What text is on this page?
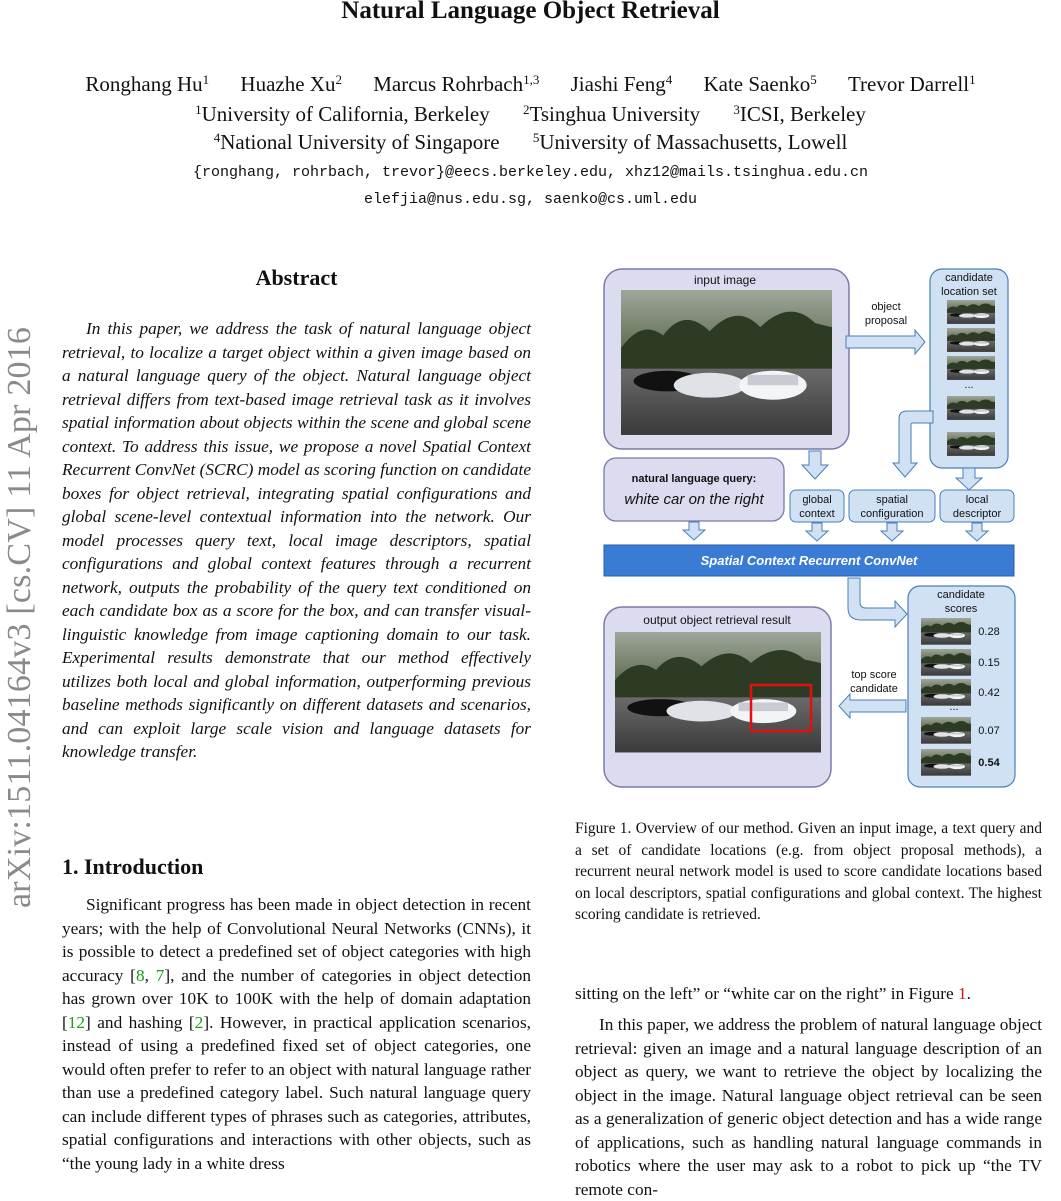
Natural Language Object Retrieval
Ronghang Hu$^1$ Huazhe Xu$^2$ Marcus Rohrbach$^{1,3}$ Jiashi Feng$^4$ Kate Saenko$^5$ Trevor Darrell$^1$
$^1$University of California, Berkeley	$^2$Tsinghua University	$^3$ICSI, Berkeley
$^4$National University of Singapore	$^5$University of Massachusetts, Lowell
{ronghang, rohrbach, trevor}@eecs.berkeley.edu, xhz12@mails.tsinghua.edu.cn
elefjia@nus.edu.sg, saenko@cs.uml.edu
arXiv:1511.04164v3 [cs.CV] 11 Apr 2016
Abstract
In this paper, we address the task of natural language object retrieval, to localize a target object within a given image based on a natural language query of the object. Natural language object retrieval differs from text-based image retrieval task as it involves spatial information about objects within the scene and global scene context. To address this issue, we propose a novel Spatial Context Recurrent ConvNet (SCRC) model as scoring function on candidate boxes for object retrieval, integrating spatial configurations and global scene-level contextual information into the network. Our model processes query text, local image descriptors, spatial configurations and global context features through a recurrent network, outputs the probability of the query text conditioned on each candidate box as a score for the box, and can transfer visual-linguistic knowledge from image captioning domain to our task. Experimental results demonstrate that our method effectively utilizes both local and global information, outperforming previous baseline methods significantly on different datasets and scenarios, and can exploit large scale vision and language datasets for knowledge transfer.
1. Introduction
Significant progress has been made in object detection in recent years; with the help of Convolutional Neural Networks (CNNs), it is possible to detect a predefined set of object categories with high accuracy [8, 7], and the number of categories in object detection has grown over 10K to 100K with the help of domain adaptation [12] and hashing [2]. However, in practical application scenarios, instead of using a predefined fixed set of object categories, one would often prefer to refer to an object with natural language rather than use a predefined category label. Such natural language query can include different types of phrases such as categories, attributes, spatial configurations and interactions with other objects, such as “the young lady in a white dress
input image
object
proposal
candidate
location set
...
natural language query:
white car on the right	global
context
spatial
configuration
local
descriptor
Spatial Context Recurrent ConvNet
output object retrieval result
top score
candidate
candidate
scores
0.28
0.15
0.42
0.07
0.54
...
Figure 1. Overview of our method. Given an input image, a text query and a set of candidate locations (e.g. from object proposal methods), a recurrent neural network model is used to score candidate locations based on local descriptors, spatial configurations and global context. The highest scoring candidate is retrieved.
sitting on the left” or “white car on the right” in Figure 1.
In this paper, we address the problem of natural language object retrieval: given an image and a natural language description of an object as query, we want to retrieve the object by localizing the object in the image. Natural language object retrieval can be seen as a generalization of generic object detection and has a wide range of applications, such as handling natural language commands in robotics where the user may ask to a robot to pick up “the TV remote con-
